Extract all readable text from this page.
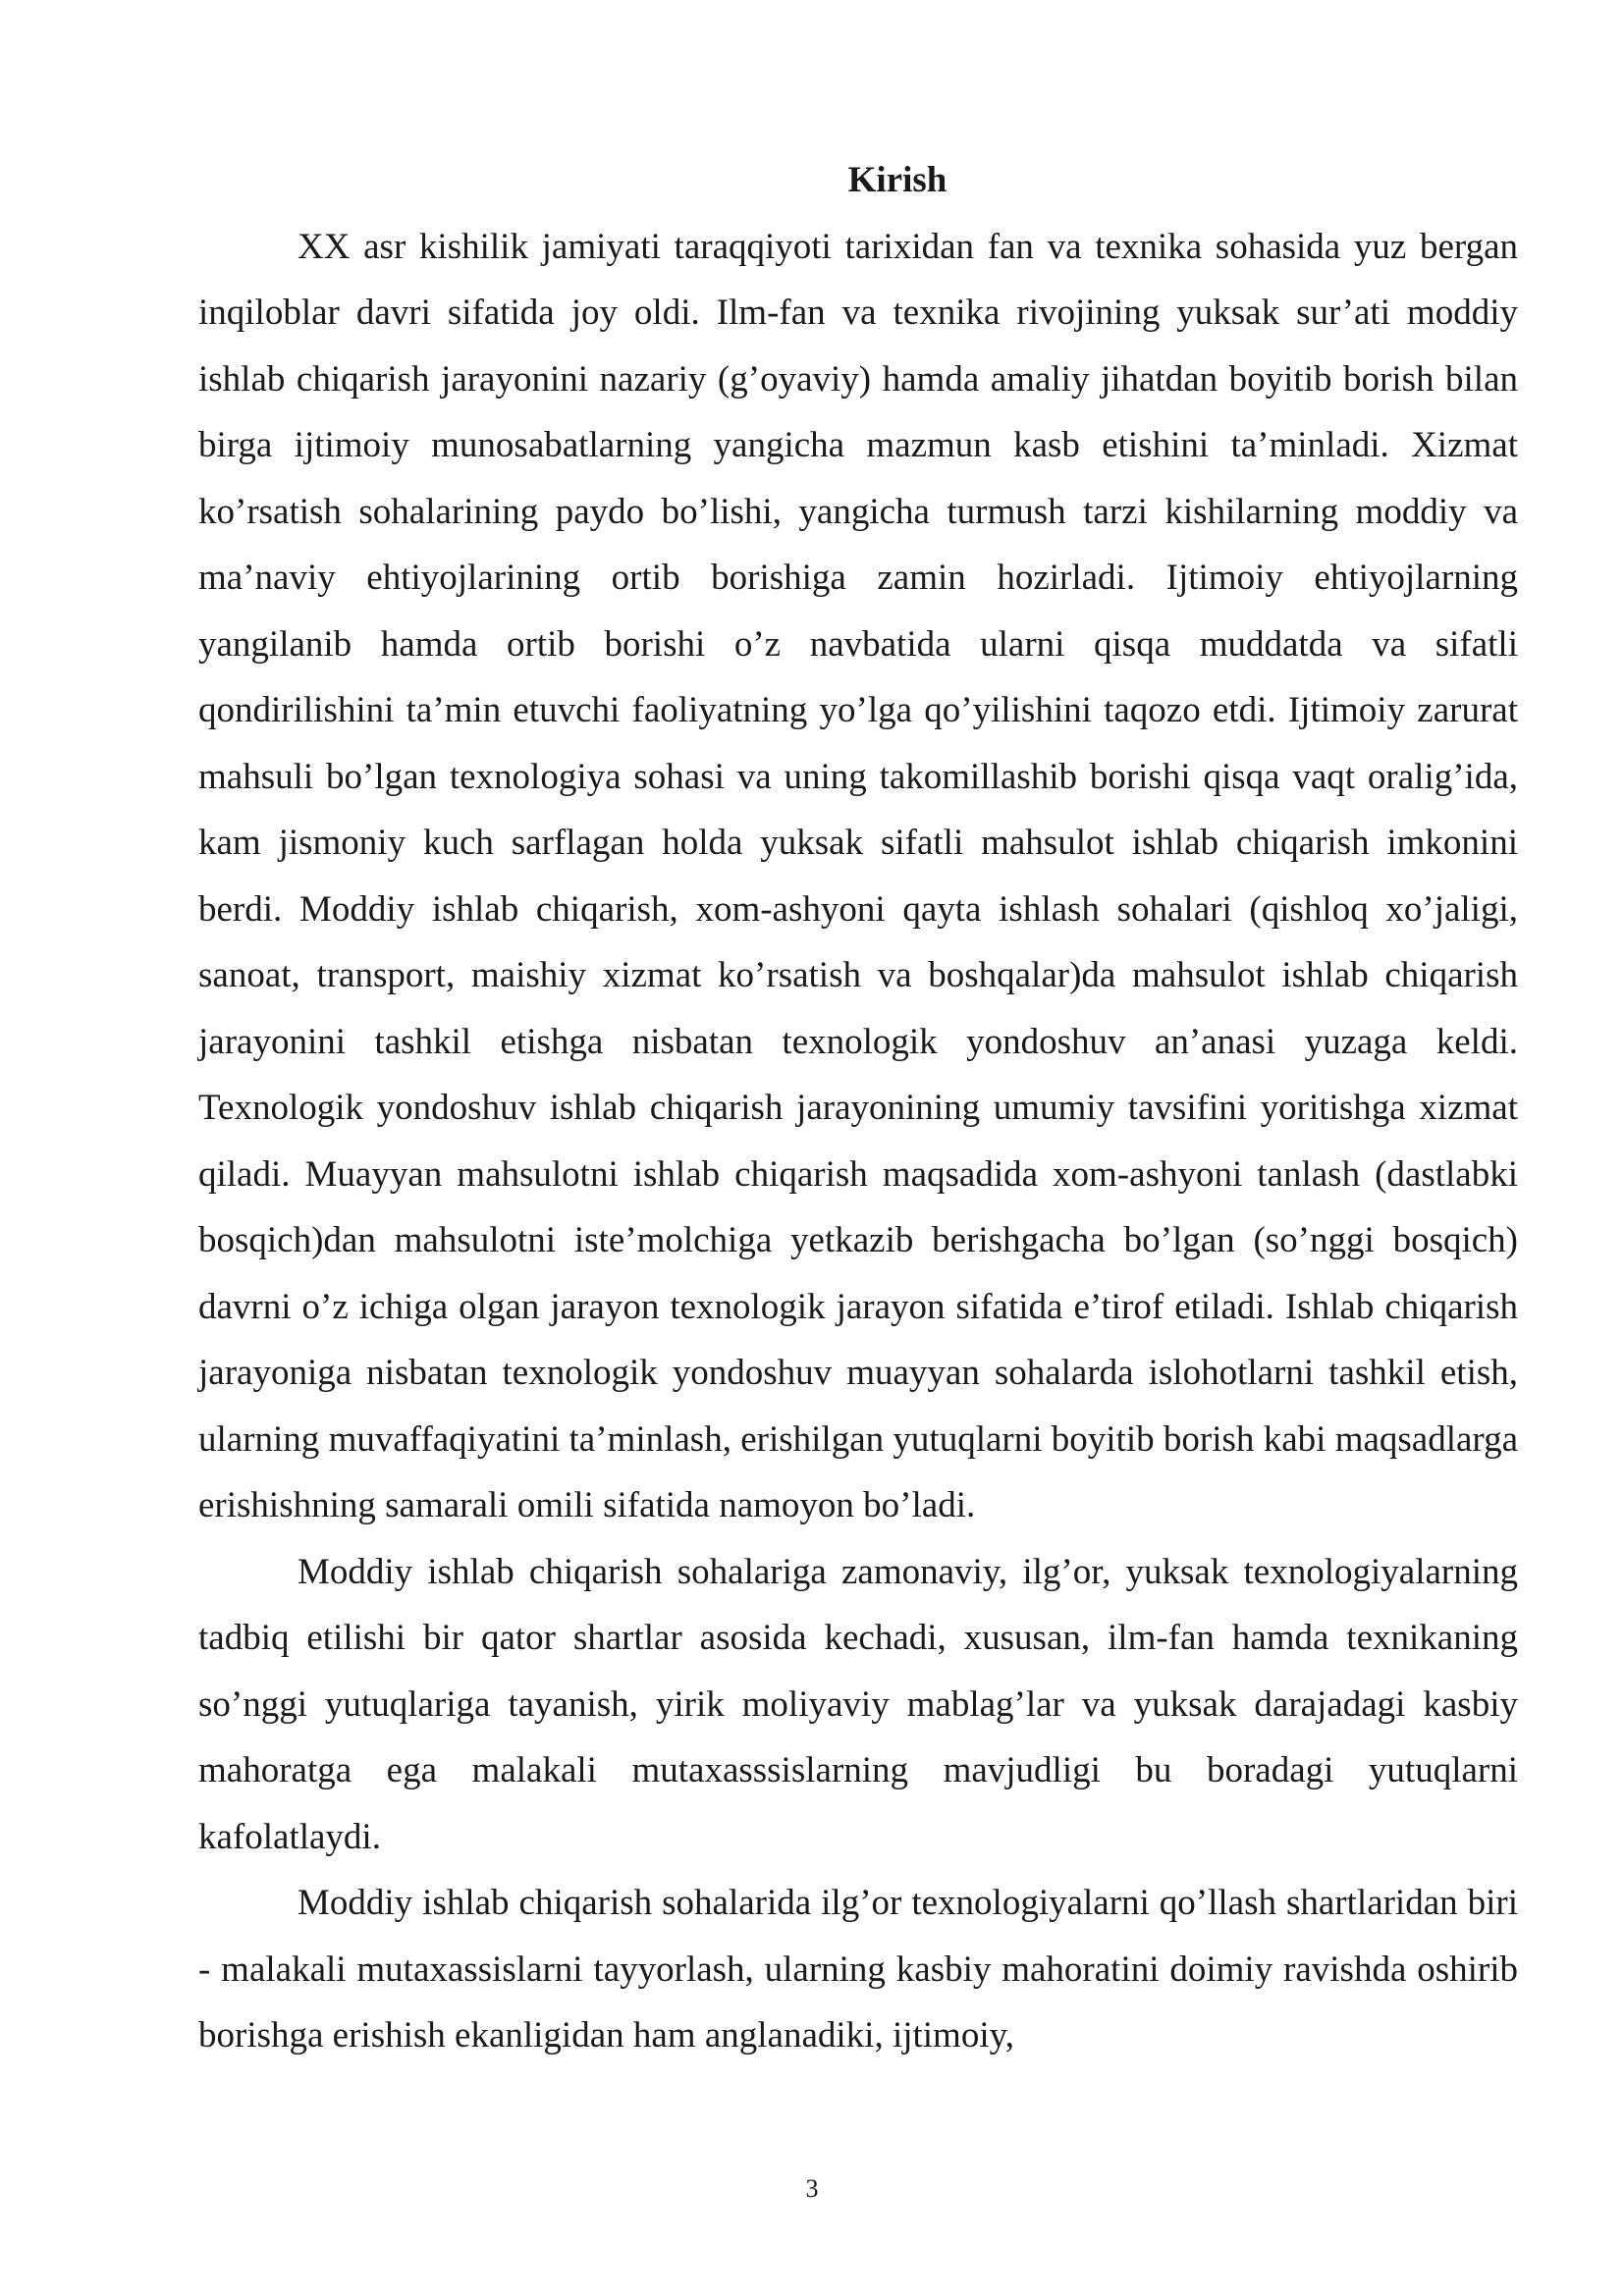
Kirish

XX asr kishilik jamiyati taraqqiyoti tarixidan fan va texnika sohasida yuz bergan inqiloblar davri sifatida joy oldi. Ilm-fan va texnika rivojining yuksak sur’ati moddiy ishlab chiqarish jarayonini nazariy (g’oyaviy) hamda amaliy jihatdan boyitib borish bilan birga ijtimoiy munosabatlarning yangicha mazmun kasb etishini ta’minladi. Xizmat ko’rsatish sohalarining paydo bo’lishi, yangicha turmush tarzi kishilarning moddiy va ma’naviy ehtiyojlarining ortib borishiga zamin hozirladi. Ijtimoiy ehtiyojlarning yangilanib hamda ortib borishi o’z navbatida ularni qisqa muddatda va sifatli qondirilishini ta’min etuvchi faoliyatning yo’lga qo’yilishini taqozo etdi. Ijtimoiy zarurat mahsuli bo’lgan texnologiya sohasi va uning takomillashib borishi qisqa vaqt oralig’ida, kam jismoniy kuch sarflagan holda yuksak sifatli mahsulot ishlab chiqarish imkonini berdi. Moddiy ishlab chiqarish, xom-ashyoni qayta ishlash sohalari (qishloq xo’jaligi, sanoat, transport, maishiy xizmat ko’rsatish va boshqalar)da mahsulot ishlab chiqarish jarayonini tashkil etishga nisbatan texnologik yondoshuv an’anasi yuzaga keldi. Texnologik yondoshuv ishlab chiqarish jarayonining umumiy tavsifini yoritishga xizmat qiladi. Muayyan mahsulotni ishlab chiqarish maqsadida xom-ashyoni tanlash (dastlabki bosqich)dan mahsulotni iste’molchiga yetkazib berishgacha bo’lgan (so’nggi bosqich) davrni o’z ichiga olgan jarayon texnologik jarayon sifatida e’tirof etiladi. Ishlab chiqarish jarayoniga nisbatan texnologik yondoshuv muayyan sohalarda islohotlarni tashkil etish, ularning muvaffaqiyatini ta’minlash, erishilgan yutuqlarni boyitib borish kabi maqsadlarga erishishning samarali omili sifatida namoyon bo’ladi.

Moddiy ishlab chiqarish sohalariga zamonaviy, ilg’or, yuksak texnologiyalarning tadbiq etilishi bir qator shartlar asosida kechadi, xususan, ilm-fan hamda texnikaning so’nggi yutuqlariga tayanish, yirik moliyaviy mablag’lar va yuksak darajadagi kasbiy mahoratga ega malakali mutaxasssislarning mavjudligi bu boradagi yutuqlarni kafolatlaydi.

Moddiy ishlab chiqarish sohalarida ilg’or texnologiyalarni qo’llash shartlaridan biri - malakali mutaxassislarni tayyorlash, ularning kasbiy mahoratini doimiy ravishda oshirib borishga erishish ekanligidan ham anglanadiki, ijtimoiy,

3
